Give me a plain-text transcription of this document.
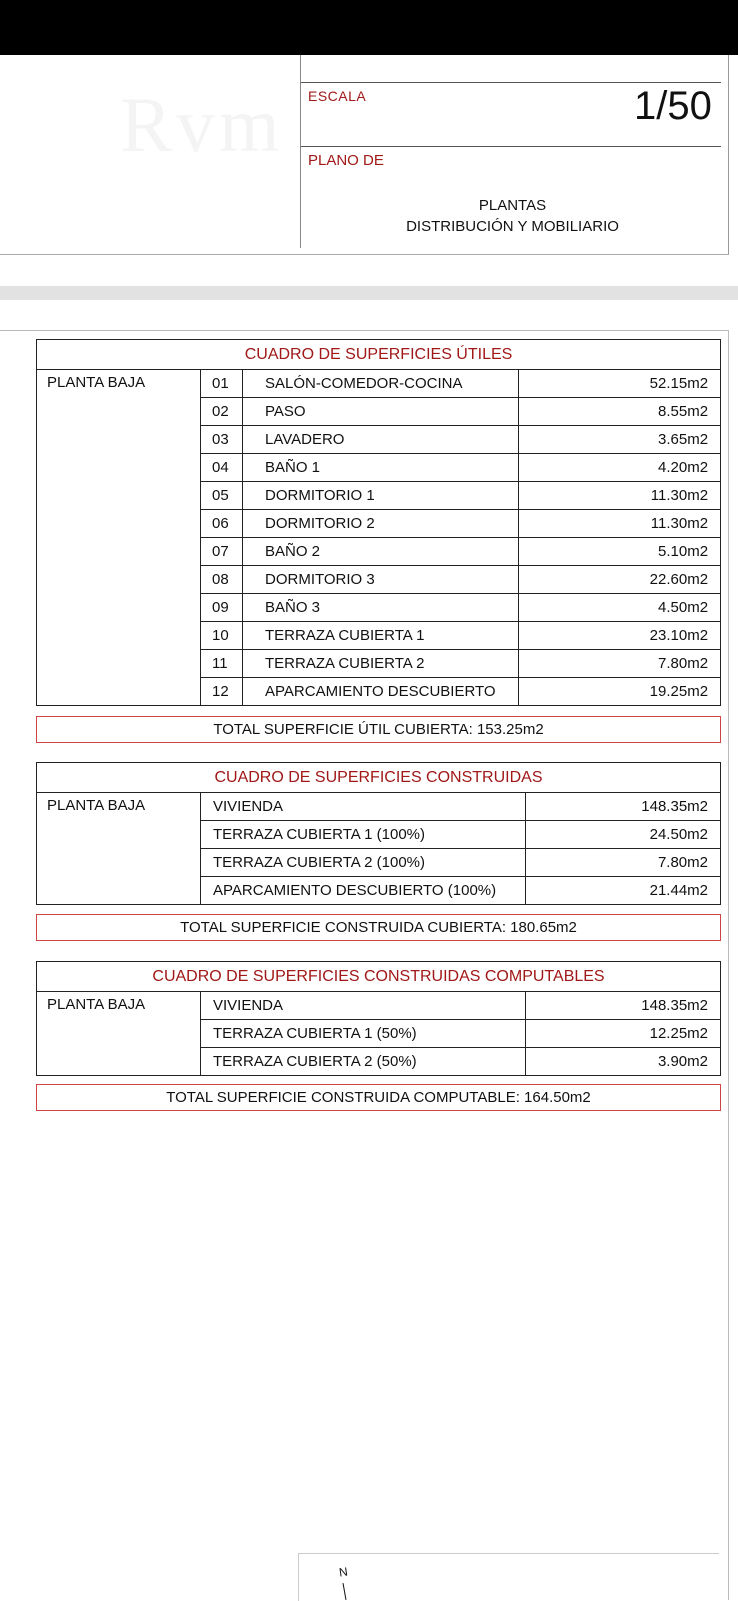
ESCALA	1/50
PLANO DE
PLANTAS
DISTRIBUCIÓN Y MOBILIARIO
CUADRO DE SUPERFICIES ÚTILES			
PLANTA BAJA	01	SALÓN-COMEDOR-COCINA	52.15m2
	02	PASO	8.55m2
	03	LAVADERO	3.65m2
	04	BAÑO 1	4.20m2
	05	DORMITORIO 1	11.30m2
	06	DORMITORIO 2	11.30m2
	07	BAÑO 2	5.10m2
	08	DORMITORIO 3	22.60m2
	09	BAÑO 3	4.50m2
	10	TERRAZA CUBIERTA 1	23.10m2
	11	TERRAZA CUBIERTA 2	7.80m2
	12	APARCAMIENTO DESCUBIERTO	19.25m2
TOTAL SUPERFICIE ÚTIL CUBIERTA: 153.25m2
CUADRO DE SUPERFICIES CONSTRUIDAS		
PLANTA BAJA	VIVIENDA	148.35m2
	TERRAZA CUBIERTA 1 (100%)	24.50m2
	TERRAZA CUBIERTA 2 (100%)	7.80m2
	APARCAMIENTO DESCUBIERTO (100%)	21.44m2
TOTAL SUPERFICIE CONSTRUIDA CUBIERTA: 180.65m2
CUADRO DE SUPERFICIES CONSTRUIDAS COMPUTABLES		
PLANTA BAJA	VIVIENDA	148.35m2
	TERRAZA CUBIERTA 1 (50%)	12.25m2
	TERRAZA CUBIERTA 2 (50%)	3.90m2
TOTAL SUPERFICIE CONSTRUIDA COMPUTABLE: 164.50m2
N
